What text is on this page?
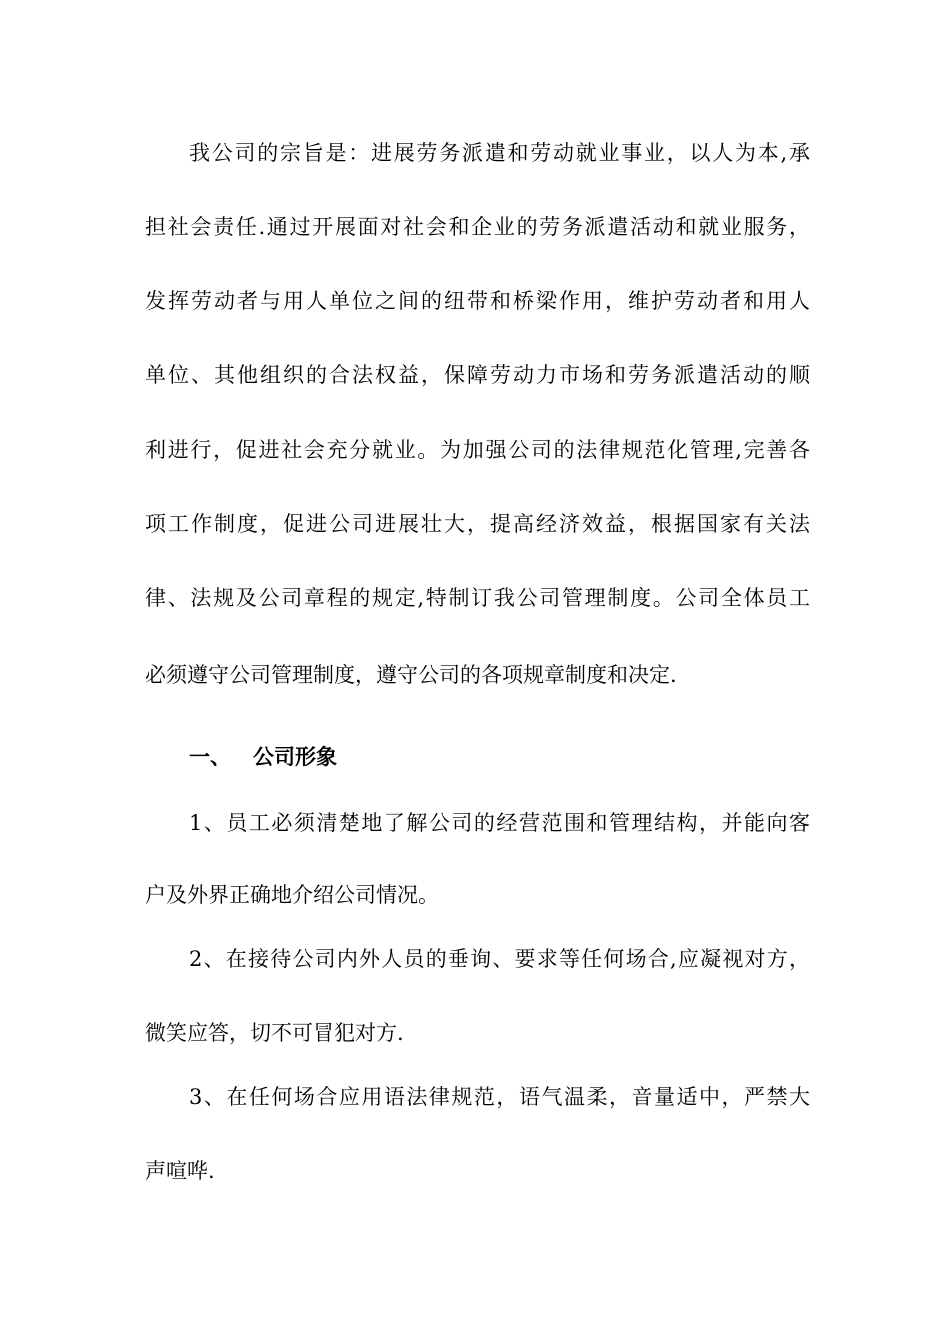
我公司的宗旨是：进展劳务派遣和劳动就业事业，以人为本,承
担社会责任.通过开展面对社会和企业的劳务派遣活动和就业服务，
发挥劳动者与用人单位之间的纽带和桥梁作用，维护劳动者和用人
单位、其他组织的合法权益，保障劳动力市场和劳务派遣活动的顺
利进行，促进社会充分就业。为加强公司的法律规范化管理,完善各
项工作制度，促进公司进展壮大，提高经济效益，根据国家有关法
律、法规及公司章程的规定,特制订我公司管理制度。公司全体员工
必须遵守公司管理制度，遵守公司的各项规章制度和决定.
一、 公司形象
1、员工必须清楚地了解公司的经营范围和管理结构，并能向客
户及外界正确地介绍公司情况。
2、在接待公司内外人员的垂询、要求等任何场合,应凝视对方，
微笑应答，切不可冒犯对方.
3、在任何场合应用语法律规范，语气温柔，音量适中，严禁大
声喧哗.
